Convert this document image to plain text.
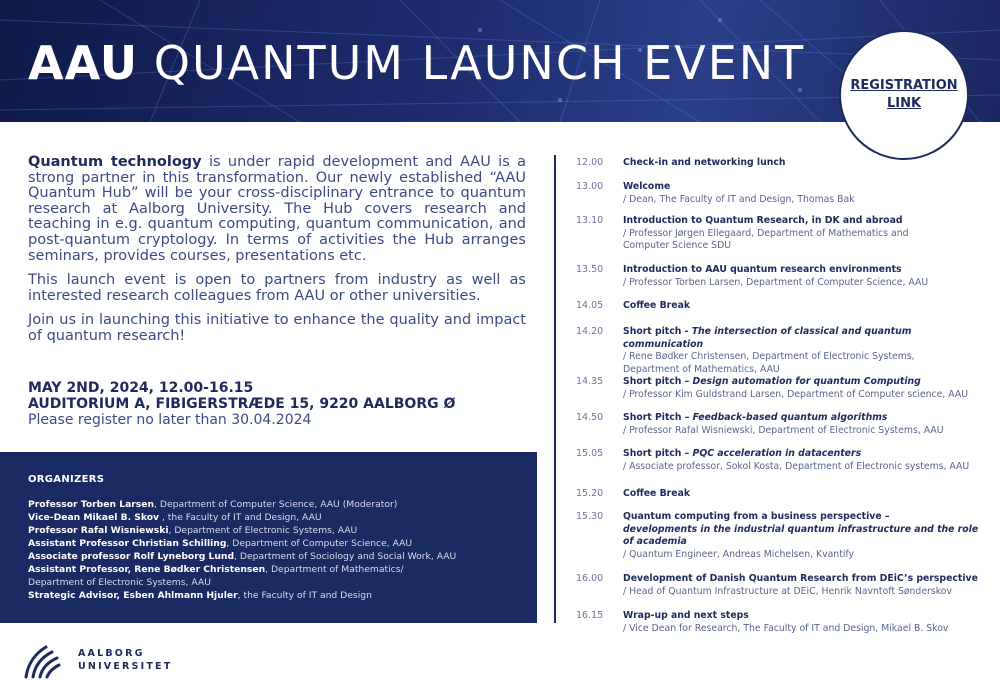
AAU QUANTUM LAUNCH EVENT	REGISTRATION
LINK

Quantum technology is under rapid development and AAU is a strong partner in this transformation. Our newly established “AAU Quantum Hub” will be your cross-disciplinary entrance to quantum research at Aalborg University. The Hub covers research and teaching in e.g. quantum computing, quantum communication, and post-quantum cryptology. In terms of activities the Hub arranges seminars, provides courses, presentations etc.

This launch event is open to partners from industry as well as interested research colleagues from AAU or other universities.

Join us in launching this initiative to enhance the quality and impact of quantum research!

MAY 2ND, 2024, 12.00-16.15
AUDITORIUM A, FIBIGERSTRÆDE 15, 9220 AALBORG Ø
Please register no later than 30.04.2024
ORGANIZERS
Professor Torben Larsen, Department of Computer Science, AAU (Moderator)
Vice-Dean Mikael B. Skov , the Faculty of IT and Design, AAU
Professor Rafal Wisniewski, Department of Electronic Systems, AAU
Assistant Professor Christian Schilling, Department of Computer Science, AAU
Associate professor Rolf Lyneborg Lund, Department of Sociology and Social Work, AAU
Assistant Professor, Rene Bødker Christensen, Department of Mathematics/
Department of Electronic Systems, AAU
Strategic Advisor, Esben Ahlmann Hjuler, the Faculty of IT and Design
AALBORG
UNIVERSITET
12.00	Check-in and networking lunch
13.00	Welcome
/ Dean, The Faculty of IT and Design, Thomas Bak
13.10	Introduction to Quantum Research, in DK and abroad
/ Professor Jørgen Ellegaard, Department of Mathematics and
Computer Science SDU
13.50	Introduction to AAU quantum research environments
/ Professor Torben Larsen, Department of Computer Science, AAU
14.05	Coffee Break
14.20	Short pitch - The intersection of classical and quantum communication
/ Rene Bødker Christensen, Department of Electronic Systems,
Department of Mathematics, AAU
14.35	Short pitch – Design automation for quantum Computing
/ Professor Kim Guldstrand Larsen, Department of Computer science, AAU
14.50	Short Pitch – Feedback-based quantum algorithms
/ Professor Rafal Wisniewski, Department of Electronic Systems, AAU
15.05	Short pitch – PQC acceleration in datacenters
/ Associate professor, Sokol Kosta, Department of Electronic systems, AAU
15.20	Coffee Break
15.30	Quantum computing from a business perspective –
developments in the industrial quantum infrastructure and the role
of academia
/ Quantum Engineer, Andreas Michelsen, Kvantify
16.00	Development of Danish Quantum Research from DEiC’s perspective
/ Head of Quantum Infrastructure at DEiC, Henrik Navntoft Sønderskov
16.15	Wrap-up and next steps
/ Vice Dean for Research, The Faculty of IT and Design, Mikael B. Skov
